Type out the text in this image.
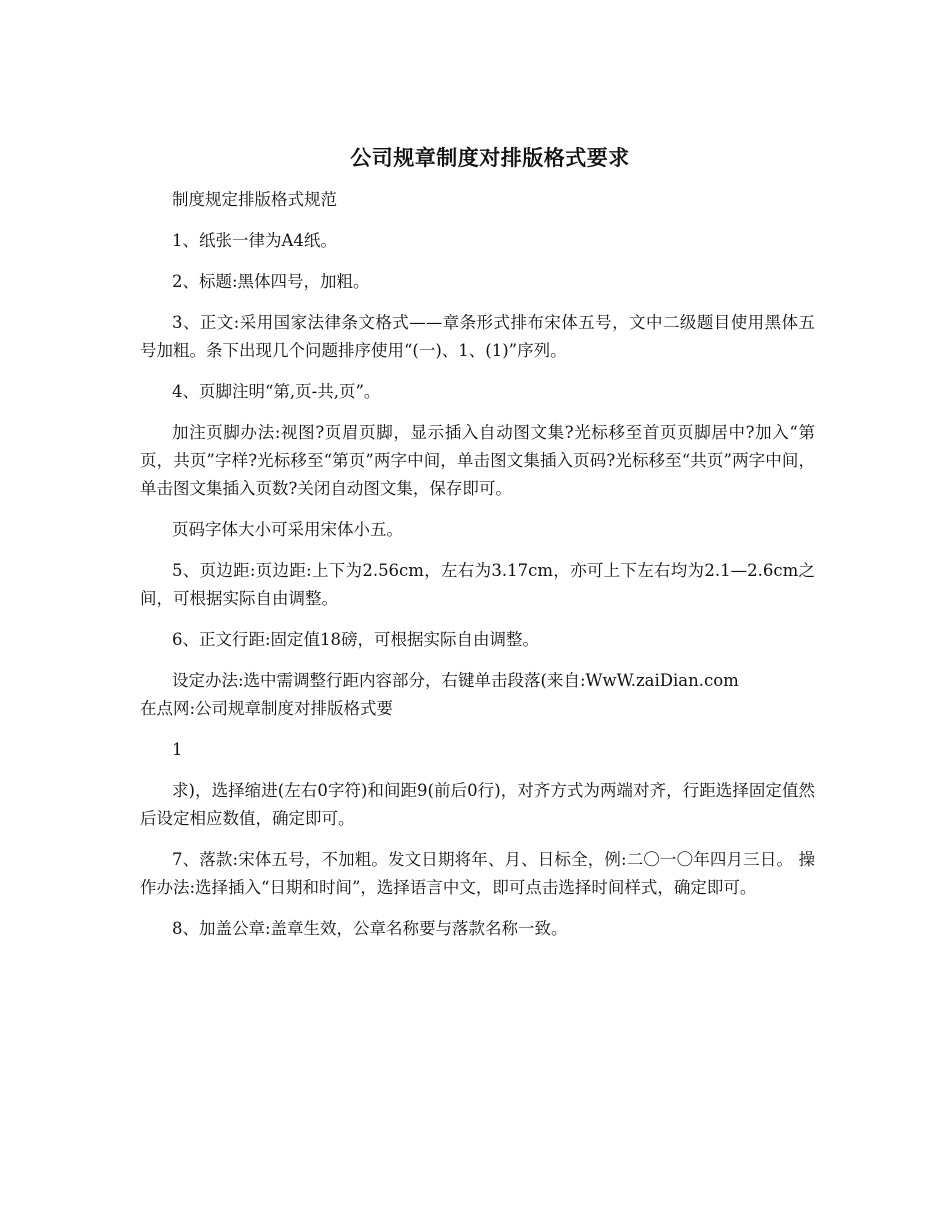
公司规章制度对排版格式要求

制度规定排版格式规范

1、纸张一律为A4纸。

2、标题:黑体四号，加粗。

3、正文:采用国家法律条文格式——章条形式排布宋体五号，文中二级题目使用黑体五号加粗。条下出现几个问题排序使用“(一)、1、(1)”序列。

4、页脚注明“第,页-共,页”。

加注页脚办法:视图?页眉页脚，显示插入自动图文集?光标移至首页页脚居中?加入“第页，共页”字样?光标移至“第页”两字中间，单击图文集插入页码?光标移至“共页”两字中间，单击图文集插入页数?关闭自动图文集，保存即可。

页码字体大小可采用宋体小五。

5、页边距:页边距:上下为2.56cm，左右为3.17cm，亦可上下左右均为2.1—2.6cm之间，可根据实际自由调整。

6、正文行距:固定值18磅，可根据实际自由调整。

设定办法:选中需调整行距内容部分，右键单击段落(来自:WwW.zaiDian.com

在点网:公司规章制度对排版格式要

1

求)，选择缩进(左右0字符)和间距9(前后0行)，对齐方式为两端对齐，行距选择固定值然后设定相应数值，确定即可。

7、落款:宋体五号，不加粗。发文日期将年、月、日标全，例:二〇一〇年四月三日。 操作办法:选择插入“日期和时间”，选择语言中文，即可点击选择时间样式，确定即可。

8、加盖公章:盖章生效，公章名称要与落款名称一致。
